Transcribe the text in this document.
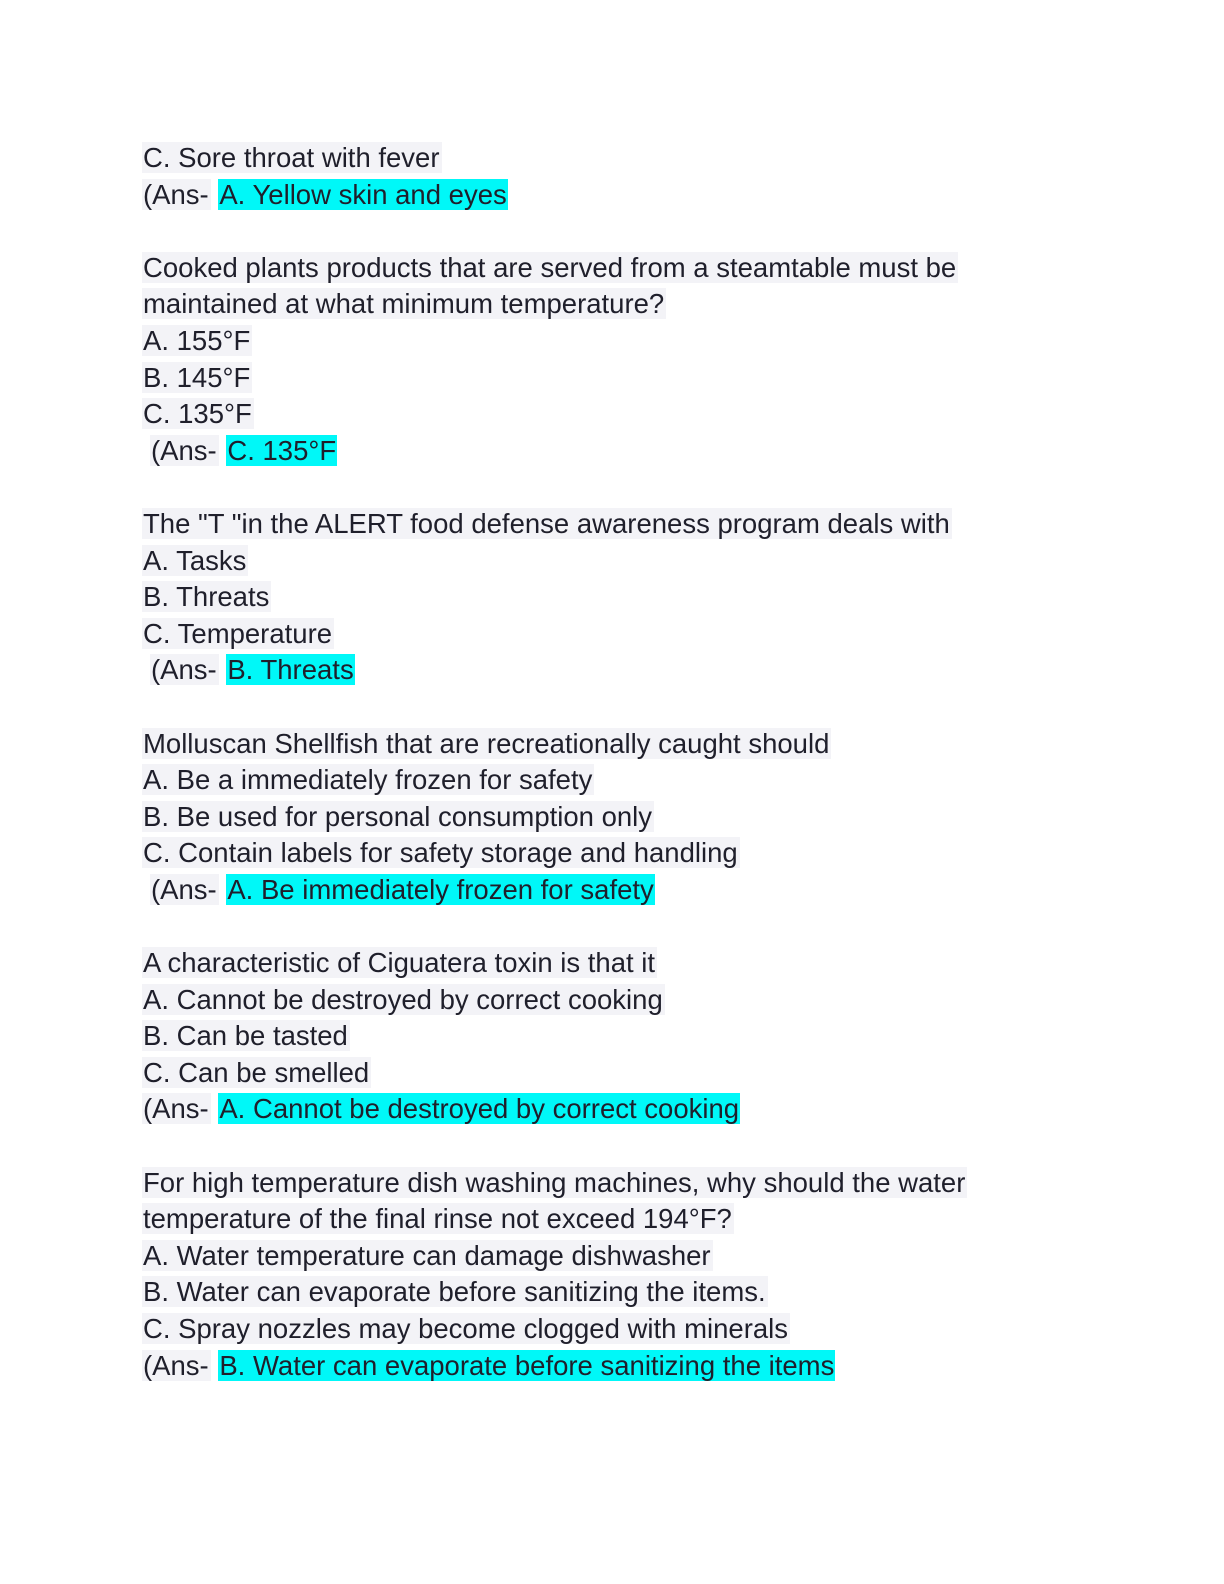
C. Sore throat with fever
(Ans- A. Yellow skin and eyes
Cooked plants products that are served from a steamtable must be
maintained at what minimum temperature?
A. 155°F
B. 145°F
C. 135°F
(Ans- C. 135°F
The "T "in the ALERT food defense awareness program deals with
A. Tasks
B. Threats
C. Temperature
(Ans- B. Threats
Molluscan Shellfish that are recreationally caught should
A. Be a immediately frozen for safety
B. Be used for personal consumption only
C. Contain labels for safety storage and handling
(Ans- A. Be immediately frozen for safety
A characteristic of Ciguatera toxin is that it
A. Cannot be destroyed by correct cooking
B. Can be tasted
C. Can be smelled
(Ans- A. Cannot be destroyed by correct cooking
For high temperature dish washing machines, why should the water
temperature of the final rinse not exceed 194°F?
A. Water temperature can damage dishwasher
B. Water can evaporate before sanitizing the items.
C. Spray nozzles may become clogged with minerals
(Ans- B. Water can evaporate before sanitizing the items
